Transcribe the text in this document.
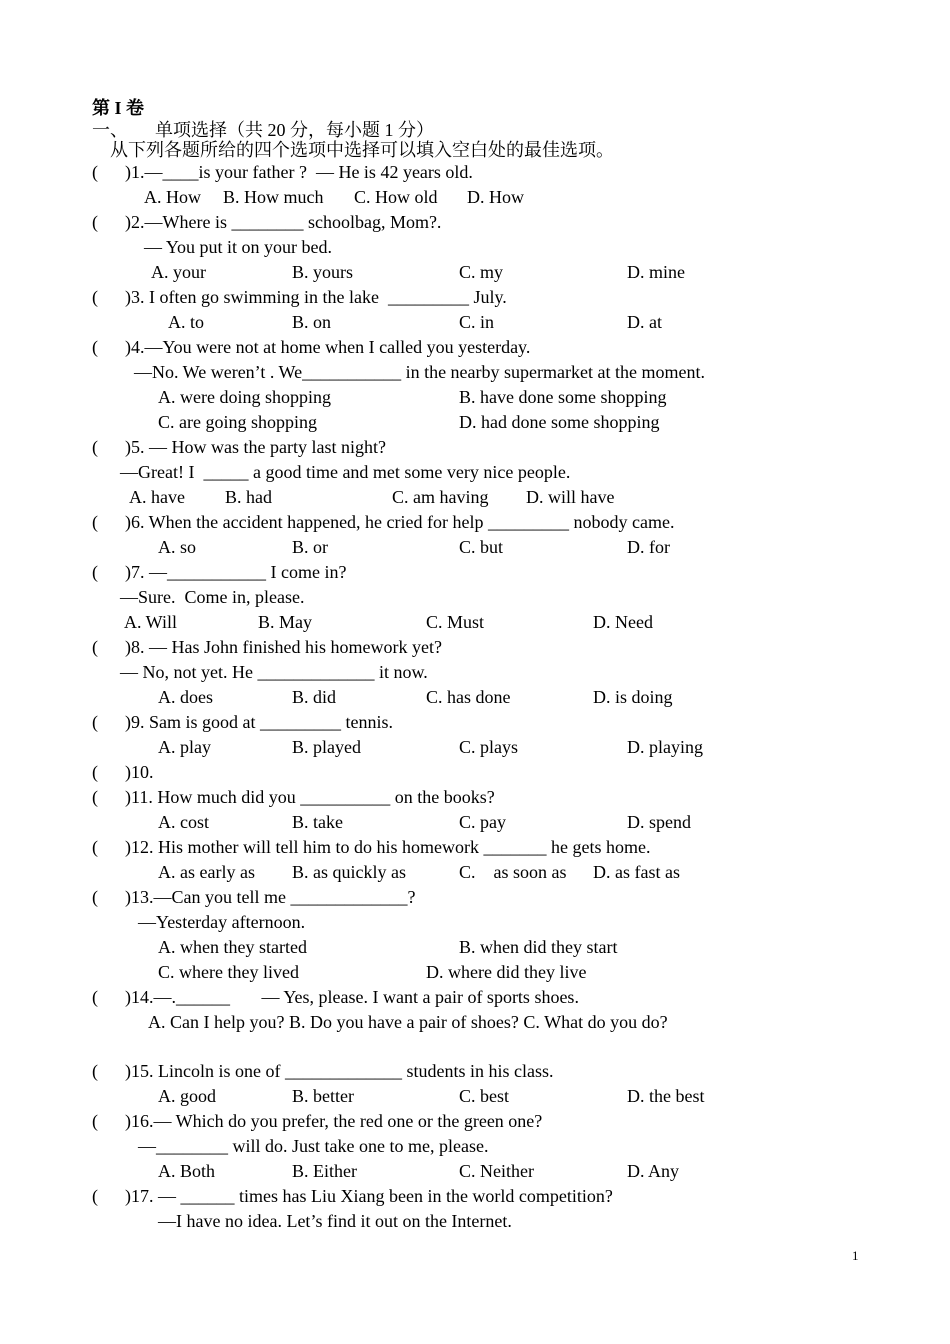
第 I 卷
一、      单项选择（共 20 分，每小题 1 分）
从下列各题所给的四个选项中选择可以填入空白处的最佳选项。
(      )1.—____is your father ?  — He is 42 years old.
A. How B. How much C. How old D. How
(      )2.—Where is ________ schoolbag, Mom?.
— You put it on your bed.
A. your	B. yours	C. my	D. mine
(      )3. I often go swimming in the lake  _________ July.
A. to	B. on	C. in	D. at
(      )4.—You were not at home when I called you yesterday.
—No. We weren’t . We___________ in the nearby supermarket at the moment.
A. were doing shopping	B. have done some shopping
C. are going shopping	D. had done some shopping
(      )5. — How was the party last night?
—Great! I  _____ a good time and met some very nice people.
A. have B. had	C. am having D. will have
(      )6. When the accident happened, he cried for help _________ nobody came.
A. so	B. or	C. but	D. for
(      )7. —___________ I come in?
—Sure.  Come in, please.
A. Will	B. May	C. Must	D. Need
(      )8. — Has John finished his homework yet?
— No, not yet. He _____________ it now.
A. does	B. did	C. has done	D. is doing
(      )9. Sam is good at _________ tennis.
A. play	B. played	C. plays	D. playing
(      )10.
(      )11. How much did you __________ on the books?
A. cost	B. take	C. pay	D. spend
(      )12. His mother will tell him to do his homework _______ he gets home.
A. as early as B. as quickly as	C.    as soon as D. as fast as
(      )13.—Can you tell me _____________?
—Yesterday afternoon.
A. when they started	B. when did they start
C. where they lived	D. where did they live
(      )14.—.______       — Yes, please. I want a pair of sports shoes.
A. Can I help you? B. Do you have a pair of shoes? C. What do you do?
(      )15. Lincoln is one of _____________ students in his class.
A. good	B. better	C. best	D. the best
(      )16.— Which do you prefer, the red one or the green one?
—________ will do. Just take one to me, please.
A. Both	B. Either	C. Neither	D. Any
(      )17. — ______ times has Liu Xiang been in the world competition?
—I have no idea. Let’s find it out on the Internet.
1
